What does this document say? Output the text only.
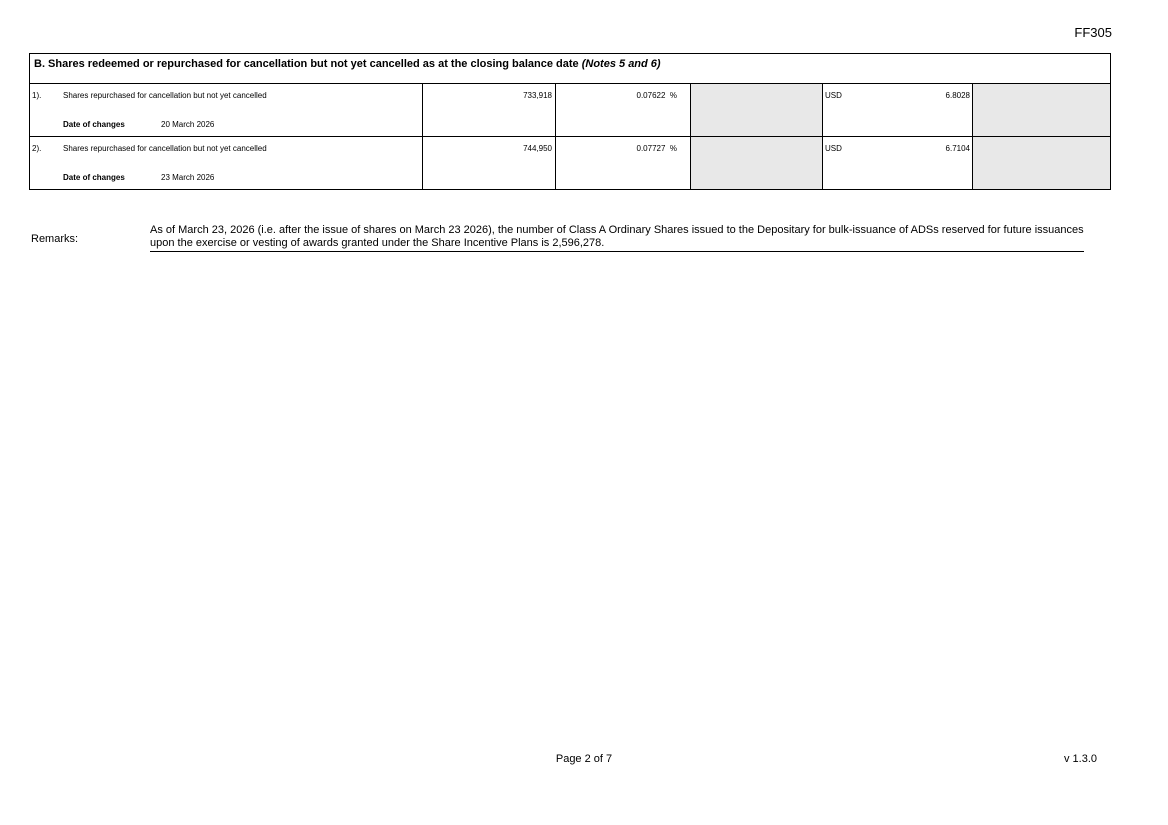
FF305
B. Shares redeemed or repurchased for cancellation but not yet cancelled as at the closing balance date (Notes 5 and 6)					

1). Shares repurchased for cancellation but not yet cancelled
Date of changes 20 March 2026	733,918	0.07622 %		USD 6.8028	

2). Shares repurchased for cancellation but not yet cancelled
Date of changes 23 March 2026	744,950	0.07727 %		USD 6.7104	

Remarks:
As of March 23, 2026 (i.e. after the issue of shares on March 23 2026), the number of Class A Ordinary Shares issued to the Depositary for bulk-issuance of ADSs reserved for future issuances upon the exercise or vesting of awards granted under the Share Incentive Plans is 2,596,278.
Page 2 of 7	v 1.3.0
